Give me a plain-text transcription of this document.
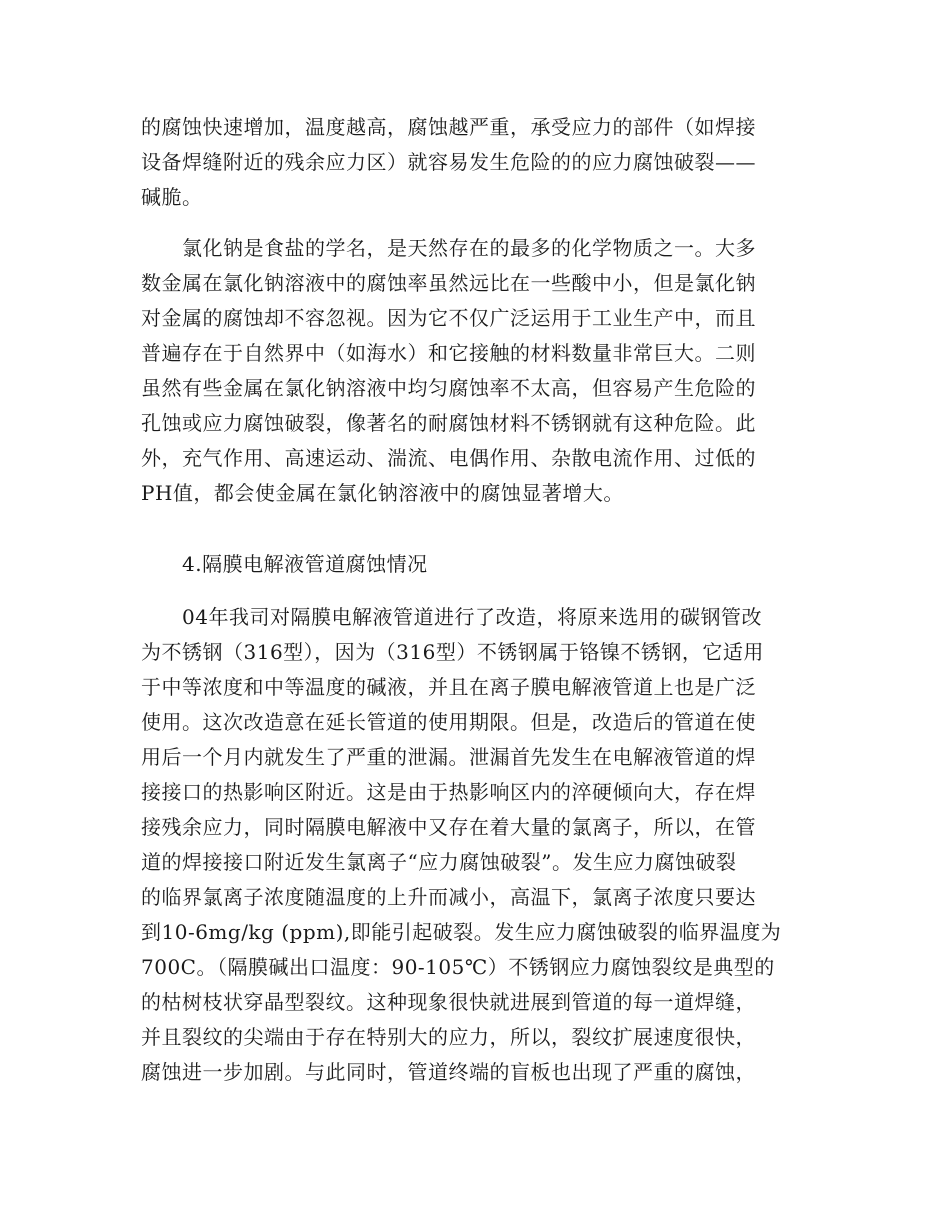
的腐蚀快速增加，温度越高，腐蚀越严重，承受应力的部件（如焊接
设备焊缝附近的残余应力区）就容易发生危险的的应力腐蚀破裂——
碱脆。
　　氯化钠是食盐的学名，是天然存在的最多的化学物质之一。大多
数金属在氯化钠溶液中的腐蚀率虽然远比在一些酸中小，但是氯化钠
对金属的腐蚀却不容忽视。因为它不仅广泛运用于工业生产中，而且
普遍存在于自然界中（如海水）和它接触的材料数量非常巨大。二则
虽然有些金属在氯化钠溶液中均匀腐蚀率不太高，但容易产生危险的
孔蚀或应力腐蚀破裂，像著名的耐腐蚀材料不锈钢就有这种危险。此
外，充气作用、高速运动、湍流、电偶作用、杂散电流作用、过低的
PH值，都会使金属在氯化钠溶液中的腐蚀显著增大。
　　4.隔膜电解液管道腐蚀情况
　　04年我司对隔膜电解液管道进行了改造，将原来选用的碳钢管改
为不锈钢（316型），因为（316型）不锈钢属于铬镍不锈钢，它适用
于中等浓度和中等温度的碱液，并且在离子膜电解液管道上也是广泛
使用。这次改造意在延长管道的使用期限。但是，改造后的管道在使
用后一个月内就发生了严重的泄漏。泄漏首先发生在电解液管道的焊
接接口的热影响区附近。这是由于热影响区内的淬硬倾向大，存在焊
接残余应力，同时隔膜电解液中又存在着大量的氯离子，所以，在管
道的焊接接口附近发生氯离子“应力腐蚀破裂”。发生应力腐蚀破裂
的临界氯离子浓度随温度的上升而减小，高温下，氯离子浓度只要达
到10-6mg/kg (ppm),即能引起破裂。发生应力腐蚀破裂的临界温度为
700C。（隔膜碱出口温度：90-105℃）不锈钢应力腐蚀裂纹是典型的
的枯树枝状穿晶型裂纹。这种现象很快就进展到管道的每一道焊缝，
并且裂纹的尖端由于存在特别大的应力，所以，裂纹扩展速度很快，
腐蚀进一步加剧。与此同时，管道终端的盲板也出现了严重的腐蚀，
